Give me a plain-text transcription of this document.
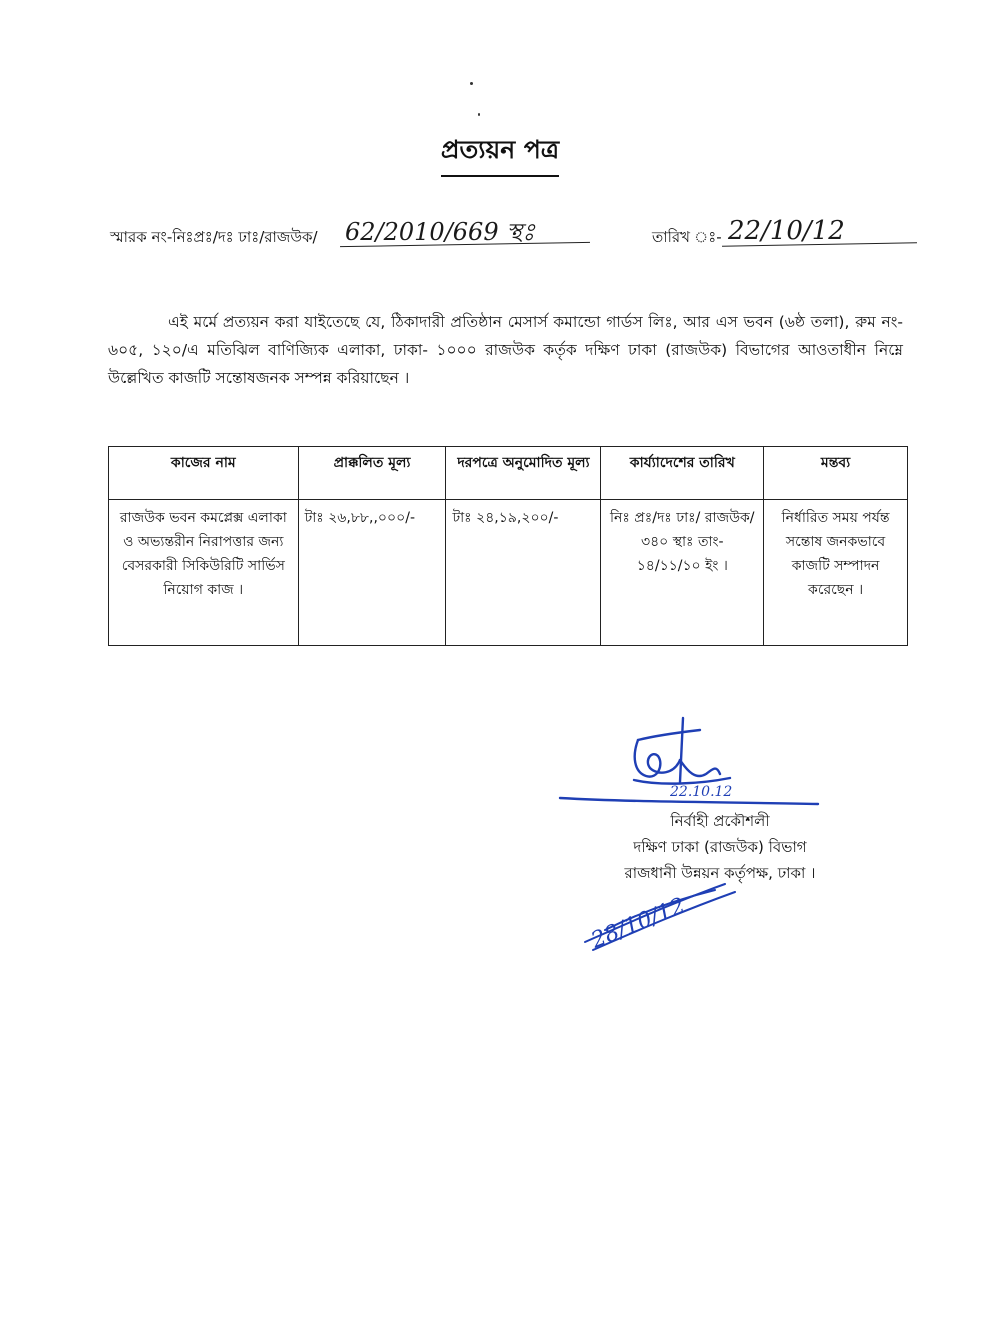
প্রত্যয়ন পত্র
স্মারক নং-নিঃপ্রঃ/দঃ ঢাঃ/রাজউক/ 62/2010/669 স্থঃ	তারিখ ঃ- 22/10/12

এই মর্মে প্রত্যয়ন করা যাইতেছে যে, ঠিকাদারী প্রতিষ্ঠান মেসার্স কমান্ডো গার্ডস লিঃ, আর এস ভবন (৬ষ্ঠ তলা), রুম নং- ৬০৫, ১২০/এ মতিঝিল বাণিজ্যিক এলাকা, ঢাকা- ১০০০ রাজউক কর্তৃক দক্ষিণ ঢাকা (রাজউক) বিভাগের আওতাধীন নিম্নে উল্লেখিত কাজটি সন্তোষজনক সম্পন্ন করিয়াছেন ।

কাজের নাম	প্রাক্কলিত মূল্য	দরপত্রে অনুমোদিত মূল্য	কার্য্যাদেশের তারিখ	মন্তব্য
রাজউক ভবন কমপ্লেক্স এলাকা ও অভ্যন্তরীন নিরাপত্তার জন্য বেসরকারী সিকিউরিটি সার্ভিস নিয়োগ কাজ ।	টাঃ ২৬,৮৮,,০০০/-	টাঃ ২৪,১৯,২০০/-	নিঃ প্রঃ/দঃ ঢাঃ/ রাজউক/৩৪০ স্থাঃ তাং- ১৪/১১/১০ ইং ।	নির্ধারিত সময় পর্যন্ত সন্তোষ জনকভাবে কাজটি সম্পাদন করেছেন ।
22.10.12
নির্বাহী প্রকৌশলী
দক্ষিণ ঢাকা (রাজউক) বিভাগ
রাজধানী উন্নয়ন কর্তৃপক্ষ, ঢাকা ।
28/10/12
